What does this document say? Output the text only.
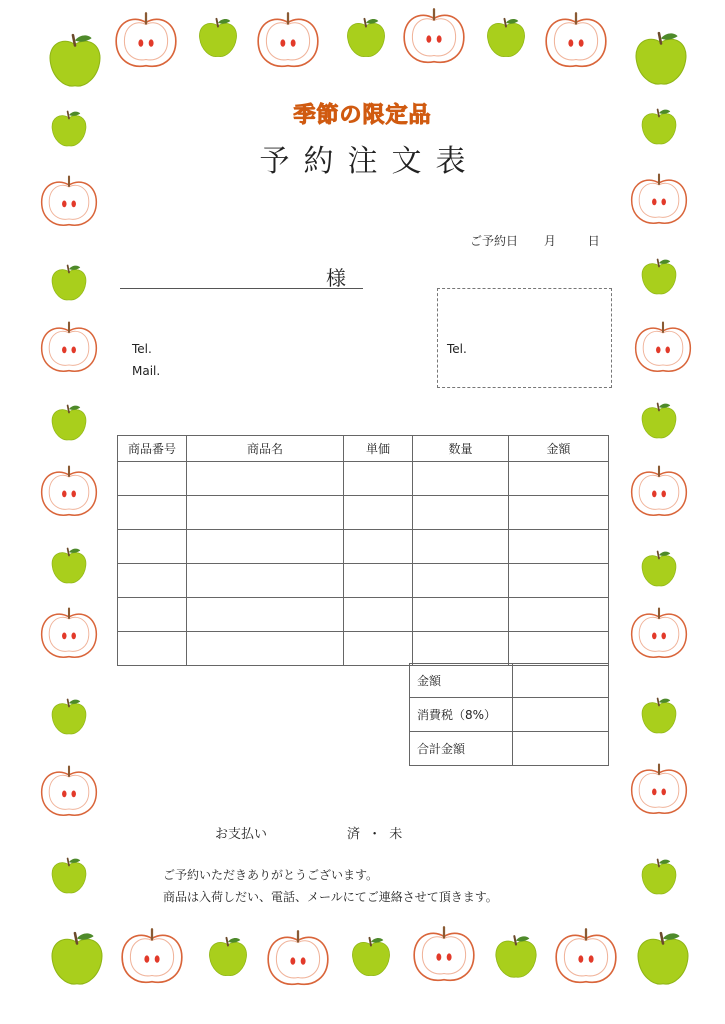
季節の限定品
予約注文表
ご予約日 月	日
様
Tel.
Mail.
Tel.
商品番号	商品名	単価	数量	金額

金額	
消費税（8%）	
合計金額	
お支払い	済 ・ 未
ご予約いただきありがとうございます。
商品は入荷しだい、電話、メールにてご連絡させて頂きます。
